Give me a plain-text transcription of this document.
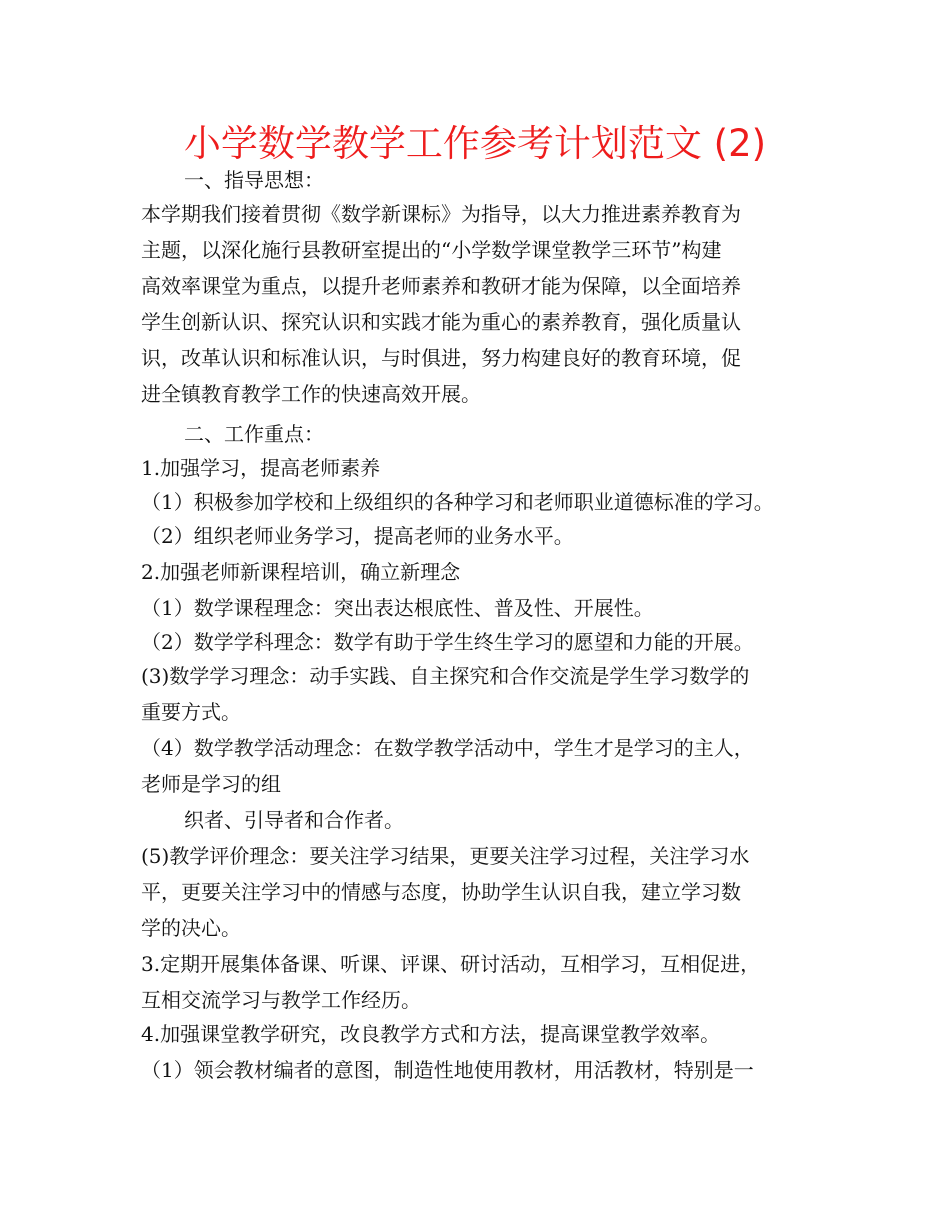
小学数学教学工作参考计划范文 (2)
一、指导思想：
本学期我们接着贯彻《数学新课标》为指导，以大力推进素养教育为
主题，以深化施行县教研室提出的“小学数学课堂教学三环节”构建
高效率课堂为重点，以提升老师素养和教研才能为保障，以全面培养
学生创新认识、探究认识和实践才能为重心的素养教育，强化质量认
识，改革认识和标准认识，与时俱进，努力构建良好的教育环境，促
进全镇教育教学工作的快速高效开展。
二、工作重点：
1.加强学习，提高老师素养
（1）积极参加学校和上级组织的各种学习和老师职业道德标准的学习。
（2）组织老师业务学习，提高老师的业务水平。
2.加强老师新课程培训，确立新理念
（1）数学课程理念：突出表达根底性、普及性、开展性。
（2）数学学科理念：数学有助于学生终生学习的愿望和力能的开展。
(3)数学学习理念：动手实践、自主探究和合作交流是学生学习数学的
重要方式。
（4）数学教学活动理念：在数学教学活动中，学生才是学习的主人，
老师是学习的组
织者、引导者和合作者。
(5)教学评价理念：要关注学习结果，更要关注学习过程，关注学习水
平，更要关注学习中的情感与态度，协助学生认识自我，建立学习数
学的决心。
3.定期开展集体备课、听课、评课、研讨活动，互相学习，互相促进，
互相交流学习与教学工作经历。
4.加强课堂教学研究，改良教学方式和方法，提高课堂教学效率。
（1）领会教材编者的意图，制造性地使用教材，用活教材，特别是一
